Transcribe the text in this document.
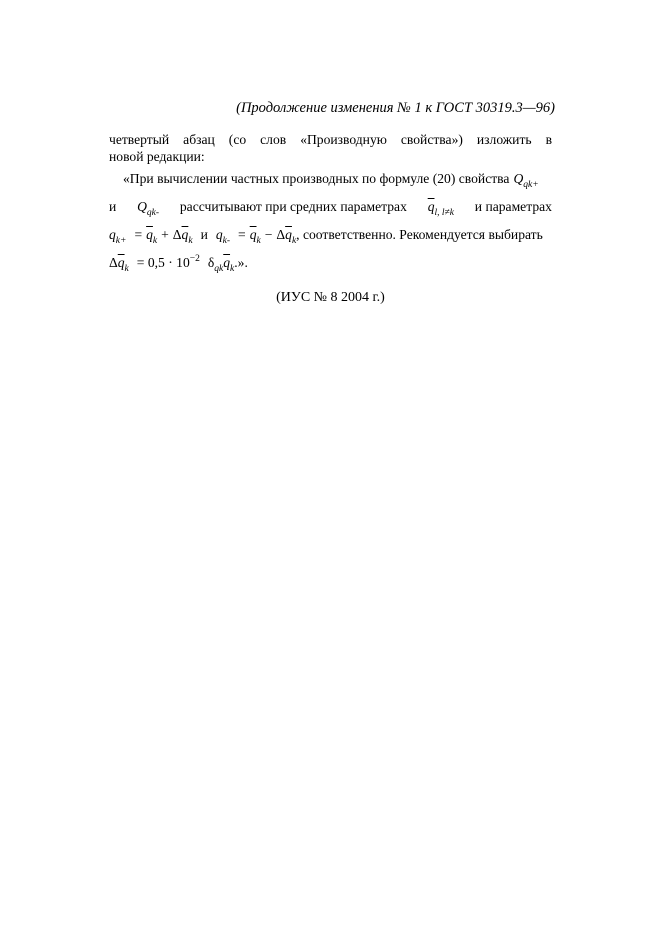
(Продолжение изменения № 1 к ГОСТ 30319.3—96)
четвертый абзац (со слов «Производную свойства») изложить в
новой редакции:
«При вычислении частных производных по формуле (20) свойства Q qk+
и $Q_{qk-}$ рассчитывают при средних параметрах $\overline{q}_{l, l\ne k}$ и параметрах
q $k+ = \overline{q}$ k + Δ $\overline{q}$ k и q $k- = \overline{q}$ k − Δ $\overline{q}$ k , соответственно. Рекомендуется выбирать
Δ $\overline{q}$ k = 0,5 · 10 −2 δ qk $\overline{q}$ k .».
(ИУС № 8 2004 г.)
